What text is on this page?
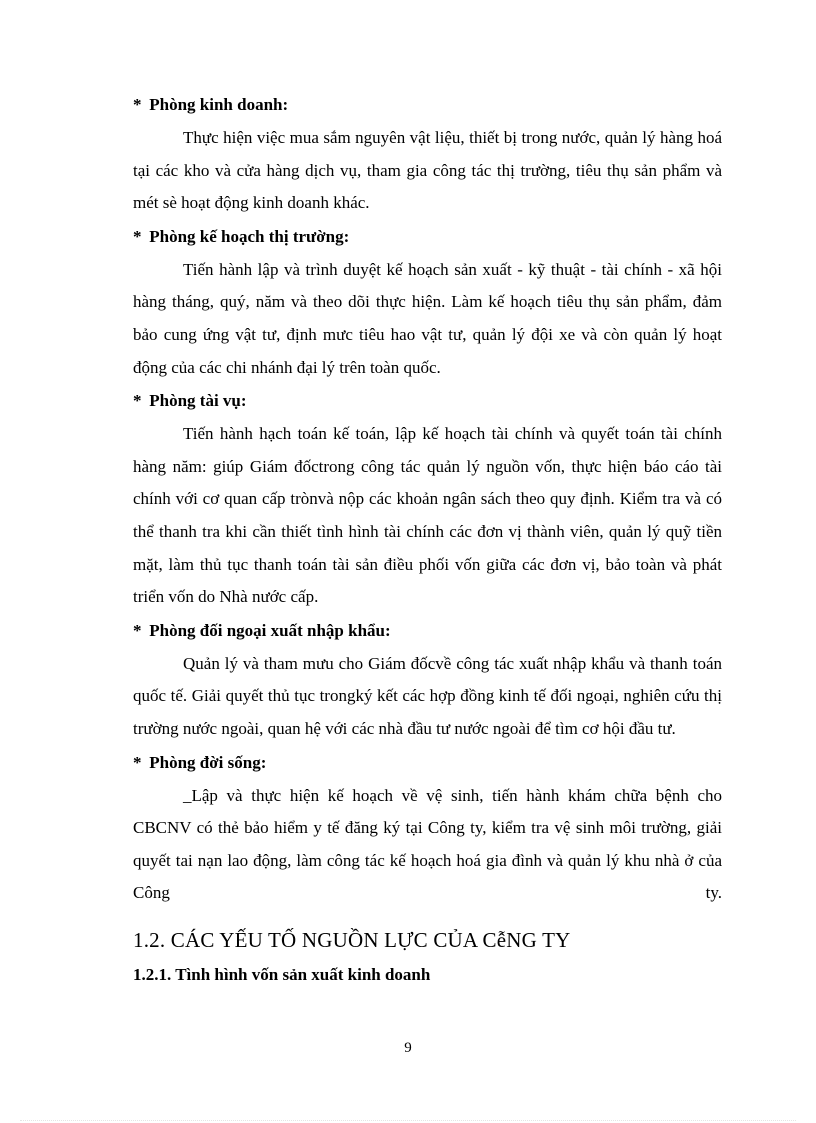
* Phòng kinh doanh:

Thực hiện việc mua sắm nguyên vật liệu, thiết bị trong nước, quản lý hàng hoá tại các kho và cửa hàng dịch vụ, tham gia công tác thị trường, tiêu thụ sản phẩm và mét sè hoạt động kinh doanh khác.

* Phòng kế hoạch thị trường:

Tiến hành lập và trình duyệt kế hoạch sản xuất - kỹ thuật - tài chính - xã hội hàng tháng, quý, năm và theo dõi thực hiện. Làm kế hoạch tiêu thụ sản phẩm, đảm bảo cung ứng vật tư, định mưc tiêu hao vật tư, quản lý đội xe và còn quản lý hoạt động của các chi nhánh đại lý trên toàn quốc.

* Phòng tài vụ:

Tiến hành hạch toán kế toán, lập kế hoạch tài chính và quyết toán tài chính hàng năm: giúp Giám đốctrong công tác quản lý nguồn vốn, thực hiện báo cáo tài chính với cơ quan cấp trònvà nộp các khoản ngân sách theo quy định. Kiểm tra và có thể thanh tra khi cần thiết tình hình tài chính các đơn vị thành viên, quản lý quỹ tiền mặt, làm thủ tục thanh toán tài sản điều phối vốn giữa các đơn vị, bảo toàn và phát triển vốn do Nhà nước cấp.

* Phòng đối ngoại xuất nhập khẩu:

Quản lý và tham mưu cho Giám đốcvề công tác xuất nhập khẩu và thanh toán quốc tế. Giải quyết thủ tục trongký kết các hợp đồng kinh tế đối ngoại, nghiên cứu thị trường nước ngoài, quan hệ với các nhà đầu tư nước ngoài để tìm cơ hội đầu tư.

* Phòng đời sống:

_Lập và thực hiện kế hoạch về vệ sinh, tiến hành khám chữa bệnh cho CBCNV có thẻ bảo hiểm y tế đăng ký tại Công ty, kiểm tra vệ sinh môi trường, giải quyết tai nạn lao động, làm công tác kế hoạch hoá gia đình và quản lý khu nhà ở của Công ty.

1.2. CÁC YẾU TỐ NGUỒN LỰC CỦA CễNG TY
1.2.1. Tình hình vốn sản xuất kinh doanh
9
